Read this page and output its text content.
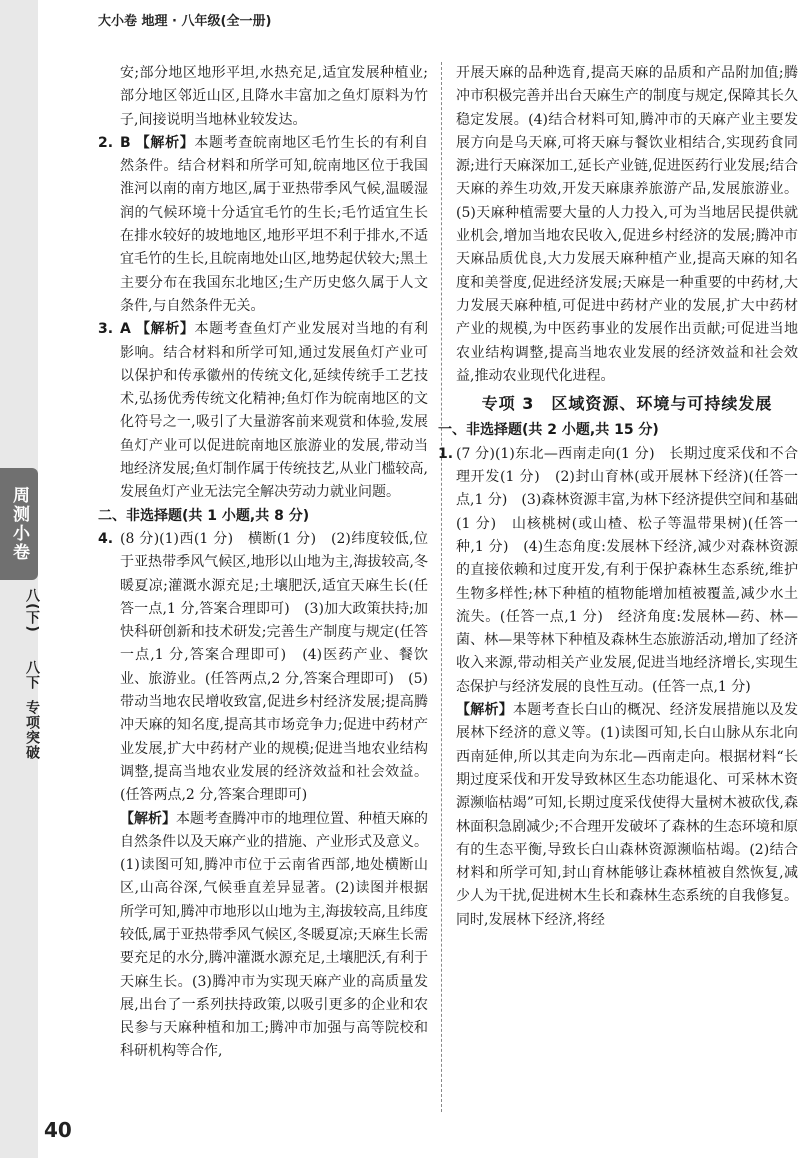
大小卷 地理 · 八年级(全一册)

安;部分地区地形平坦,水热充足,适宜发展种植业;部分地区邻近山区,且降水丰富加之鱼灯原料为竹子,间接说明当地林业较发达。

2. B 【解析】本题考查皖南地区毛竹生长的有利自然条件。结合材料和所学可知,皖南地区位于我国淮河以南的南方地区,属于亚热带季风气候,温暖湿润的气候环境十分适宜毛竹的生长;毛竹适宜生长在排水较好的坡地地区,地形平坦不利于排水,不适宜毛竹的生长,且皖南地处山区,地势起伏较大;黑土主要分布在我国东北地区;生产历史悠久属于人文条件,与自然条件无关。

3. A 【解析】本题考查鱼灯产业发展对当地的有利影响。结合材料和所学可知,通过发展鱼灯产业可以保护和传承徽州的传统文化,延续传统手工艺技术,弘扬优秀传统文化精神;鱼灯作为皖南地区的文化符号之一,吸引了大量游客前来观赏和体验,发展鱼灯产业可以促进皖南地区旅游业的发展,带动当地经济发展;鱼灯制作属于传统技艺,从业门槛较高,发展鱼灯产业无法完全解决劳动力就业问题。

二、非选择题(共 1 小题,共 8 分)

4. (8 分)(1)西(1 分)　横断(1 分)　(2)纬度较低,位于亚热带季风气候区,地形以山地为主,海拔较高,冬暖夏凉;灌溉水源充足;土壤肥沃,适宜天麻生长(任答一点,1 分,答案合理即可)　(3)加大政策扶持;加快科研创新和技术研发;完善生产制度与规定(任答一点,1 分,答案合理即可)　(4)医药产业、餐饮业、旅游业。(任答两点,2 分,答案合理即可)　(5)带动当地农民增收致富,促进乡村经济发展;提高腾冲天麻的知名度,提高其市场竞争力;促进中药材产业发展,扩大中药材产业的规模;促进当地农业结构调整,提高当地农业发展的经济效益和社会效益。(任答两点,2 分,答案合理即可)

【解析】本题考查腾冲市的地理位置、种植天麻的自然条件以及天麻产业的措施、产业形式及意义。(1)读图可知,腾冲市位于云南省西部,地处横断山区,山高谷深,气候垂直差异显著。(2)读图并根据所学可知,腾冲市地形以山地为主,海拔较高,且纬度较低,属于亚热带季风气候区,冬暖夏凉;天麻生长需要充足的水分,腾冲灌溉水源充足,土壤肥沃,有利于天麻生长。(3)腾冲市为实现天麻产业的高质量发展,出台了一系列扶持政策,以吸引更多的企业和农民参与天麻种植和加工;腾冲市加强与高等院校和科研机构等合作,

开展天麻的品种选育,提高天麻的品质和产品附加值;腾冲市积极完善并出台天麻生产的制度与规定,保障其长久稳定发展。(4)结合材料可知,腾冲市的天麻产业主要发展方向是乌天麻,可将天麻与餐饮业相结合,实现药食同源;进行天麻深加工,延长产业链,促进医药行业发展;结合天麻的养生功效,开发天麻康养旅游产品,发展旅游业。(5)天麻种植需要大量的人力投入,可为当地居民提供就业机会,增加当地农民收入,促进乡村经济的发展;腾冲市天麻品质优良,大力发展天麻种植产业,提高天麻的知名度和美誉度,促进经济发展;天麻是一种重要的中药材,大力发展天麻种植,可促进中药材产业的发展,扩大中药材产业的规模,为中医药事业的发展作出贡献;可促进当地农业结构调整,提高当地农业发展的经济效益和社会效益,推动农业现代化进程。

专项 3　区域资源、环境与可持续发展

一、非选择题(共 2 小题,共 15 分)

1. (7 分)(1)东北—西南走向(1 分)　长期过度采伐和不合理开发(1 分)　(2)封山育林(或开展林下经济)(任答一点,1 分)　(3)森林资源丰富,为林下经济提供空间和基础(1 分)　山核桃树(或山楂、松子等温带果树)(任答一种,1 分)　(4)生态角度:发展林下经济,减少对森林资源的直接依赖和过度开发,有利于保护森林生态系统,维护生物多样性;林下种植的植物能增加植被覆盖,减少水土流失。(任答一点,1 分)　经济角度:发展林—药、林—菌、林—果等林下种植及森林生态旅游活动,增加了经济收入来源,带动相关产业发展,促进当地经济增长,实现生态保护与经济发展的良性互动。(任答一点,1 分)

【解析】本题考查长白山的概况、经济发展措施以及发展林下经济的意义等。(1)读图可知,长白山脉从东北向西南延伸,所以其走向为东北—西南走向。根据材料“长期过度采伐和开发导致林区生态功能退化、可采林木资源濒临枯竭”可知,长期过度采伐使得大量树木被砍伐,森林面积急剧减少;不合理开发破坏了森林的生态环境和原有的生态平衡,导致长白山森林资源濒临枯竭。(2)结合材料和所学可知,封山育林能够让森林植被自然恢复,减少人为干扰,促进树木生长和森林生态系统的自我修复。同时,发展林下经济,将经

周测小卷
八(下)
八下
专项突破
40
